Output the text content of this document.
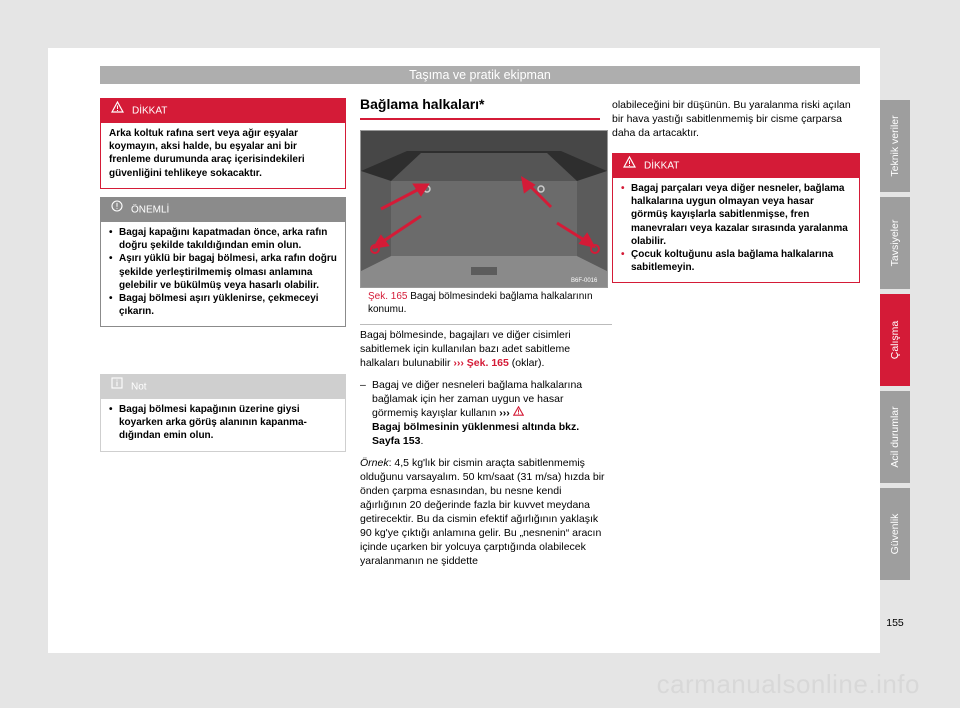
Taşıma ve pratik ekipman
DİKKAT

Arka koltuk rafına sert veya ağır eşyalar koymayın, aksi halde, bu eşyalar ani bir frenleme durumunda araç içerisindekileri güvenliğini tehlikeye sokacaktır.

ÖNEMLİ
• Bagaj kapağını kapatmadan önce, arka rafın doğru şekilde takıldığından emin olun.
• Aşırı yüklü bir bagaj bölmesi, arka rafın doğru şekilde yerleştirilmemiş olması anlamına gelebilir ve bükülmüş veya hasarlı olabilir.
• Bagaj bölmesi aşırı yüklenirse, çekmeceyi çıkarın.
Not
• Bagaj bölmesi kapağının üzerine giysi koyarken arka görüş alanının kapanmadığından emin olun.
Bağlama halkaları*
B6F-0016
Şek. 165 Bagaj bölmesindeki bağlama halkalarının konumu.

Bagaj bölmesinde, bagajları ve diğer cisimleri sabitlemek için kullanılan bazı adet sabitleme halkaları bulunabilir ››› Şek. 165 (oklar).

– Bagaj ve diğer nesneleri bağlama halkalarına bağlamak için her zaman uygun ve hasar görmemiş kayışlar kullanın ›››
Bagaj bölmesinin yüklenmesi altında bkz. Sayfa 153.

Örnek: 4,5 kg'lık bir cismin araçta sabitlenmemiş olduğunu varsayalım. 50 km/saat (31 m/sa) hızda bir önden çarpma esnasından, bu nesne kendi ağırlığının 20 değerinde fazla bir kuvvet meydana getirecektir. Bu da cismin efektif ağırlığının yaklaşık 90 kg'ye çıktığı anlamına gelir. Bu „nesnenin“ aracın içinde uçarken bir yolcuya çarptığında olabilecek yaralanmanın ne şiddette

olabileceğini bir düşünün. Bu yaralanma riski açılan bir hava yastığı sabitlenmemiş bir cisme çarparsa daha da artacaktır.

DİKKAT
• Bagaj parçaları veya diğer nesneler, bağlama halkalarına uygun olmayan veya hasar görmüş kayışlarla sabitlenmişse, fren manevraları veya kazalar sırasında yaralanma olabilir.
• Çocuk koltuğunu asla bağlama halkalarına sabitlemeyin.
Teknik veriler
Tavsiyeler
Çalışma
Acil durumlar
Güvenlik
155
carmanualsonline.info
